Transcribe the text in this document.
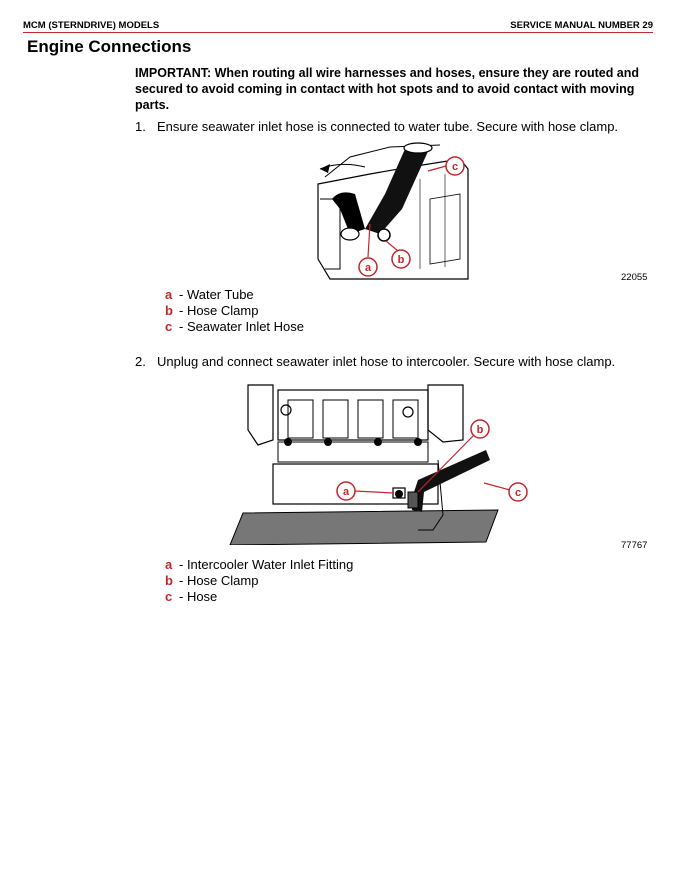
MCM (STERNDRIVE) MODELS	SERVICE MANUAL NUMBER 29
Engine Connections
IMPORTANT: When routing all wire harnesses and hoses, ensure they are routed and secured to avoid coming in contact with hot spots and to avoid contact with moving parts.
1. Ensure seawater inlet hose is connected to water tube. Secure with hose clamp.
a
b
c
22055
a - Water Tube
b - Hose Clamp
c - Seawater Inlet Hose
2. Unplug and connect seawater inlet hose to intercooler. Secure with hose clamp.
a
b
c
77767
a - Intercooler Water Inlet Fitting
b - Hose Clamp
c - Hose
